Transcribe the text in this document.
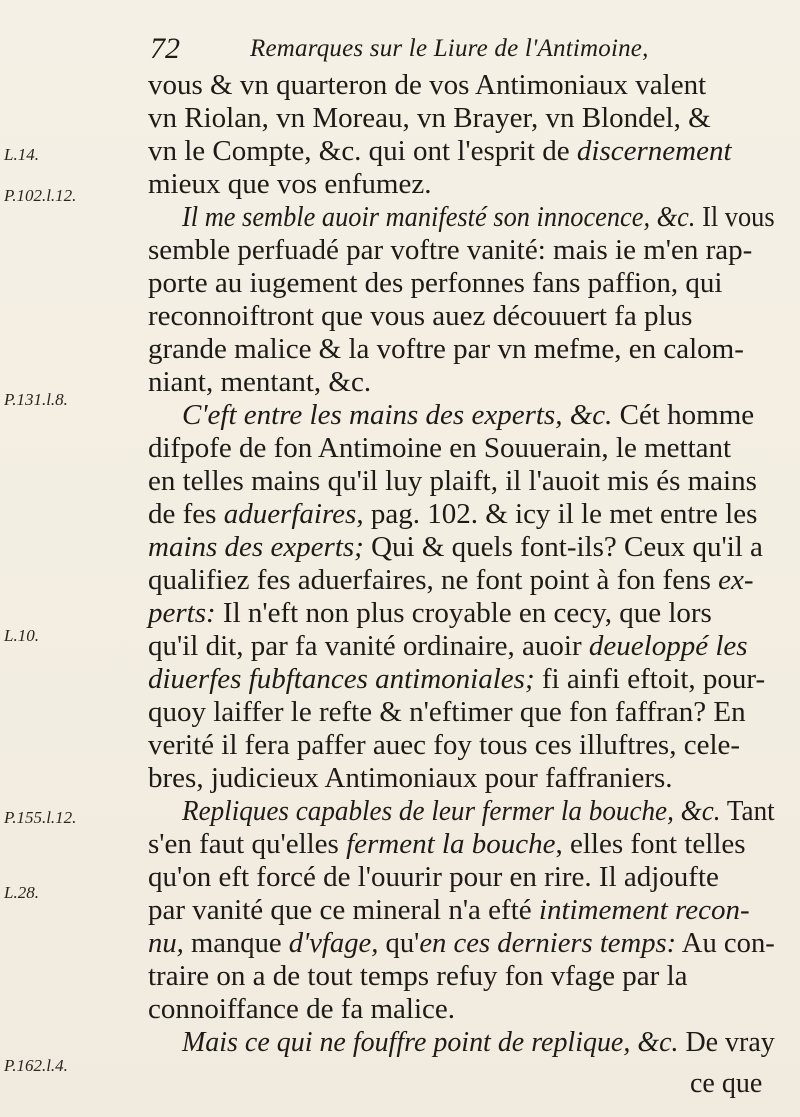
72	Remarques sur le Liure de l'Antimoine,
L.14.
P.102.l.12.
P.131.l.8.
L.10.
P.155.l.12.
L.28.
P.162.l.4.
vous & vn quarteron de vos Antimoniaux valent
vn Riolan, vn Moreau, vn Brayer, vn Blondel, &
vn le Compte, &c. qui ont l'esprit de discernement
mieux que vos enfumez.
Il me semble auoir manifesté son innocence, &c. Il vous
semble perfuadé par voftre vanité: mais ie m'en rap-
porte au iugement des perfonnes fans paffion, qui
reconnoiftront que vous auez découuert fa plus
grande malice & la voftre par vn mefme, en calom-
niant, mentant, &c.
C'eft entre les mains des experts, &c. Cét homme
difpofe de fon Antimoine en Souuerain, le mettant
en telles mains qu'il luy plaift, il l'auoit mis és mains
de fes aduerfaires, pag. 102. & icy il le met entre les
mains des experts; Qui & quels font-ils? Ceux qu'il a
qualifiez fes aduerfaires, ne font point à fon fens ex-
perts: Il n'eft non plus croyable en cecy, que lors
qu'il dit, par fa vanité ordinaire, auoir deueloppé les
diuerfes fubftances antimoniales; fi ainfi eftoit, pour-
quoy laiffer le refte & n'eftimer que fon faffran? En
verité il fera paffer auec foy tous ces illuftres, cele-
bres, judicieux Antimoniaux pour faffraniers.
Repliques capables de leur fermer la bouche, &c. Tant
s'en faut qu'elles ferment la bouche, elles font telles
qu'on eft forcé de l'ouurir pour en rire. Il adjoufte
par vanité que ce mineral n'a efté intimement recon-
nu, manque d'vfage, qu'en ces derniers temps: Au con-
traire on a de tout temps refuy fon vfage par la
connoiffance de fa malice.
Mais ce qui ne fouffre point de replique, &c. De vray
ce que
